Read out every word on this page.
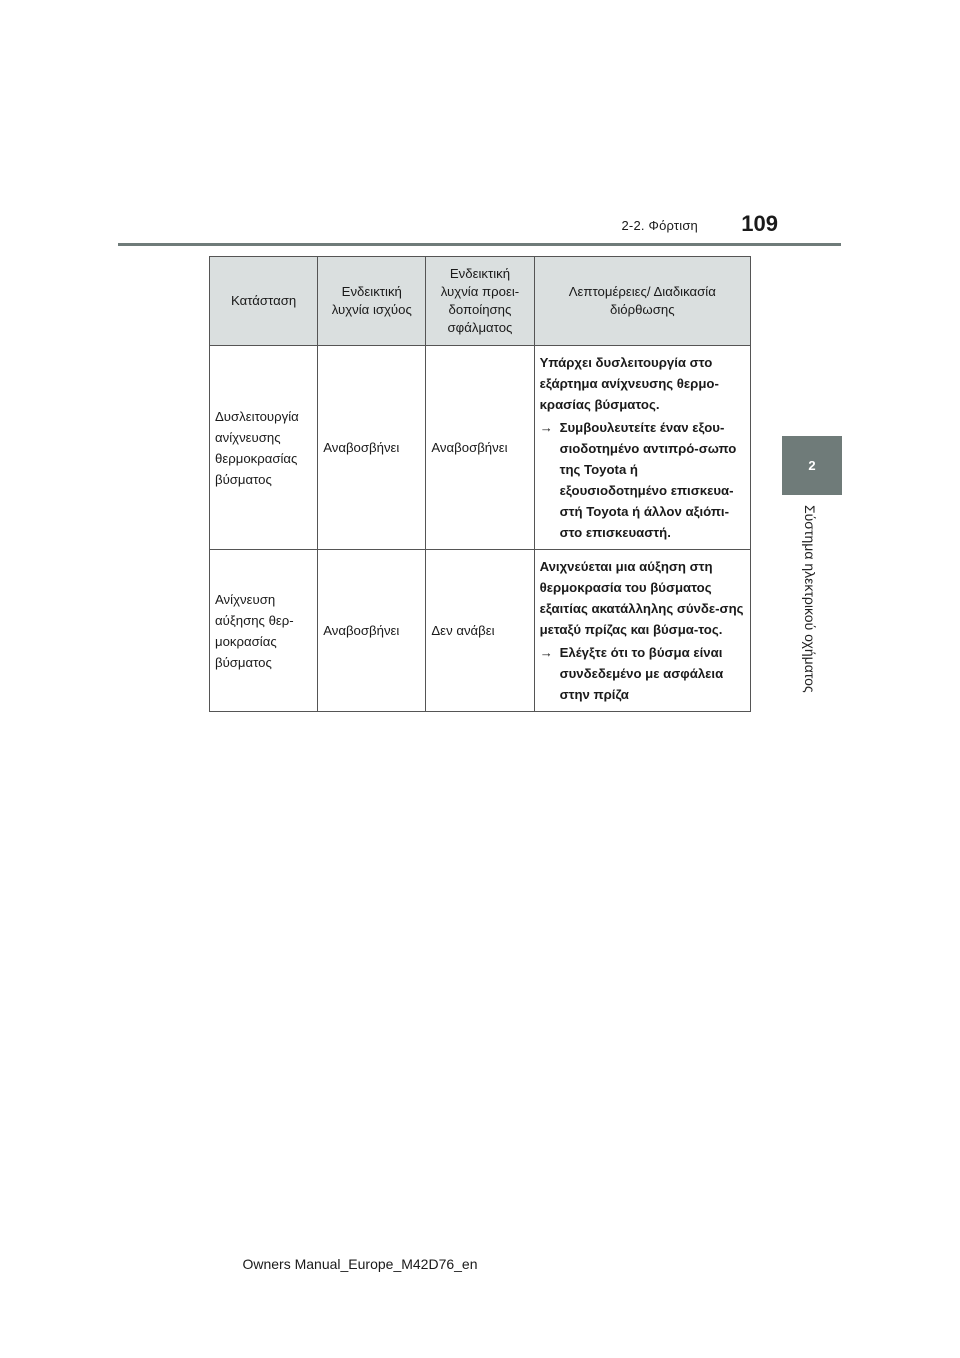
2-2. Φόρτιση	109
2
Σύστημα ηλεκτρικού οχήματος
Κατάσταση	Ενδεικτική λυχνία ισχύος	Ενδεικτική λυχνία προει-δοποίησης σφάλματος	Λεπτομέρειες/ Διαδικασία διόρθωσης
Δυσλειτουργία ανίχνευσης θερμοκρασίας βύσματος	Αναβοσβήνει	Αναβοσβήνει	Υπάρχει δυσλειτουργία στο εξάρτημα ανίχνευσης θερμο-κρασίας βύσματος.
→ Συμβουλευτείτε έναν εξου-σιοδοτημένο αντιπρό-σωπο της Toyota ή εξουσιοδοτημένο επισκευα-στή Toyota ή άλλον αξιόπι-στο επισκευαστή.

Ανίχνευση αύξησης θερ-μοκρασίας βύσματος	Αναβοσβήνει	Δεν ανάβει	Ανιχνεύεται μια αύξηση στη θερμοκρασία του βύσματος εξαιτίας ακατάλληλης σύνδε-σης μεταξύ πρίζας και βύσμα-τος.
→ Ελέγξτε ότι το βύσμα είναι συνδεδεμένο με ασφάλεια στην πρίζα
Owners Manual_Europe_M42D76_en
